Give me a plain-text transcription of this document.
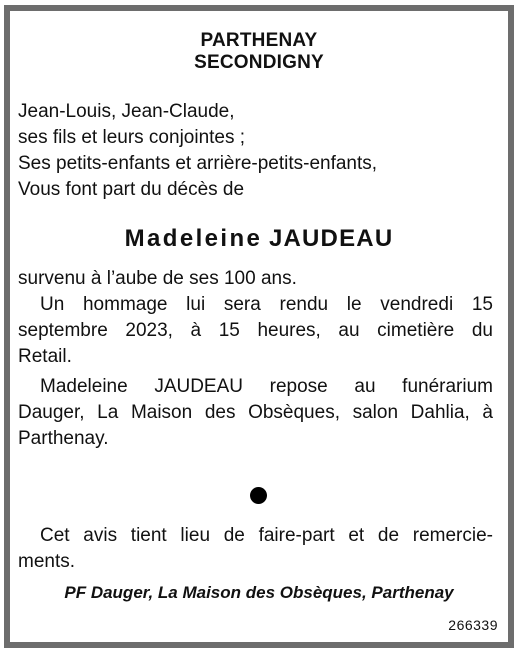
PARTHENAY
SECONDIGNY
Jean-Louis, Jean-Claude,
ses fils et leurs conjointes ;
Ses petits-enfants et arrière-petits-enfants,
Vous font part du décès de
Madeleine JAUDEAU
survenu à l’aube de ses 100 ans.
Un hommage lui sera rendu le vendredi 15
septembre 2023, à 15 heures, au cimetière du
Retail.
Madeleine JAUDEAU repose au funérarium
Dauger, La Maison des Obsèques, salon Dahlia, à
Parthenay.
Cet avis tient lieu de faire-part et de remercie-
ments.
PF Dauger, La Maison des Obsèques, Parthenay
266339
